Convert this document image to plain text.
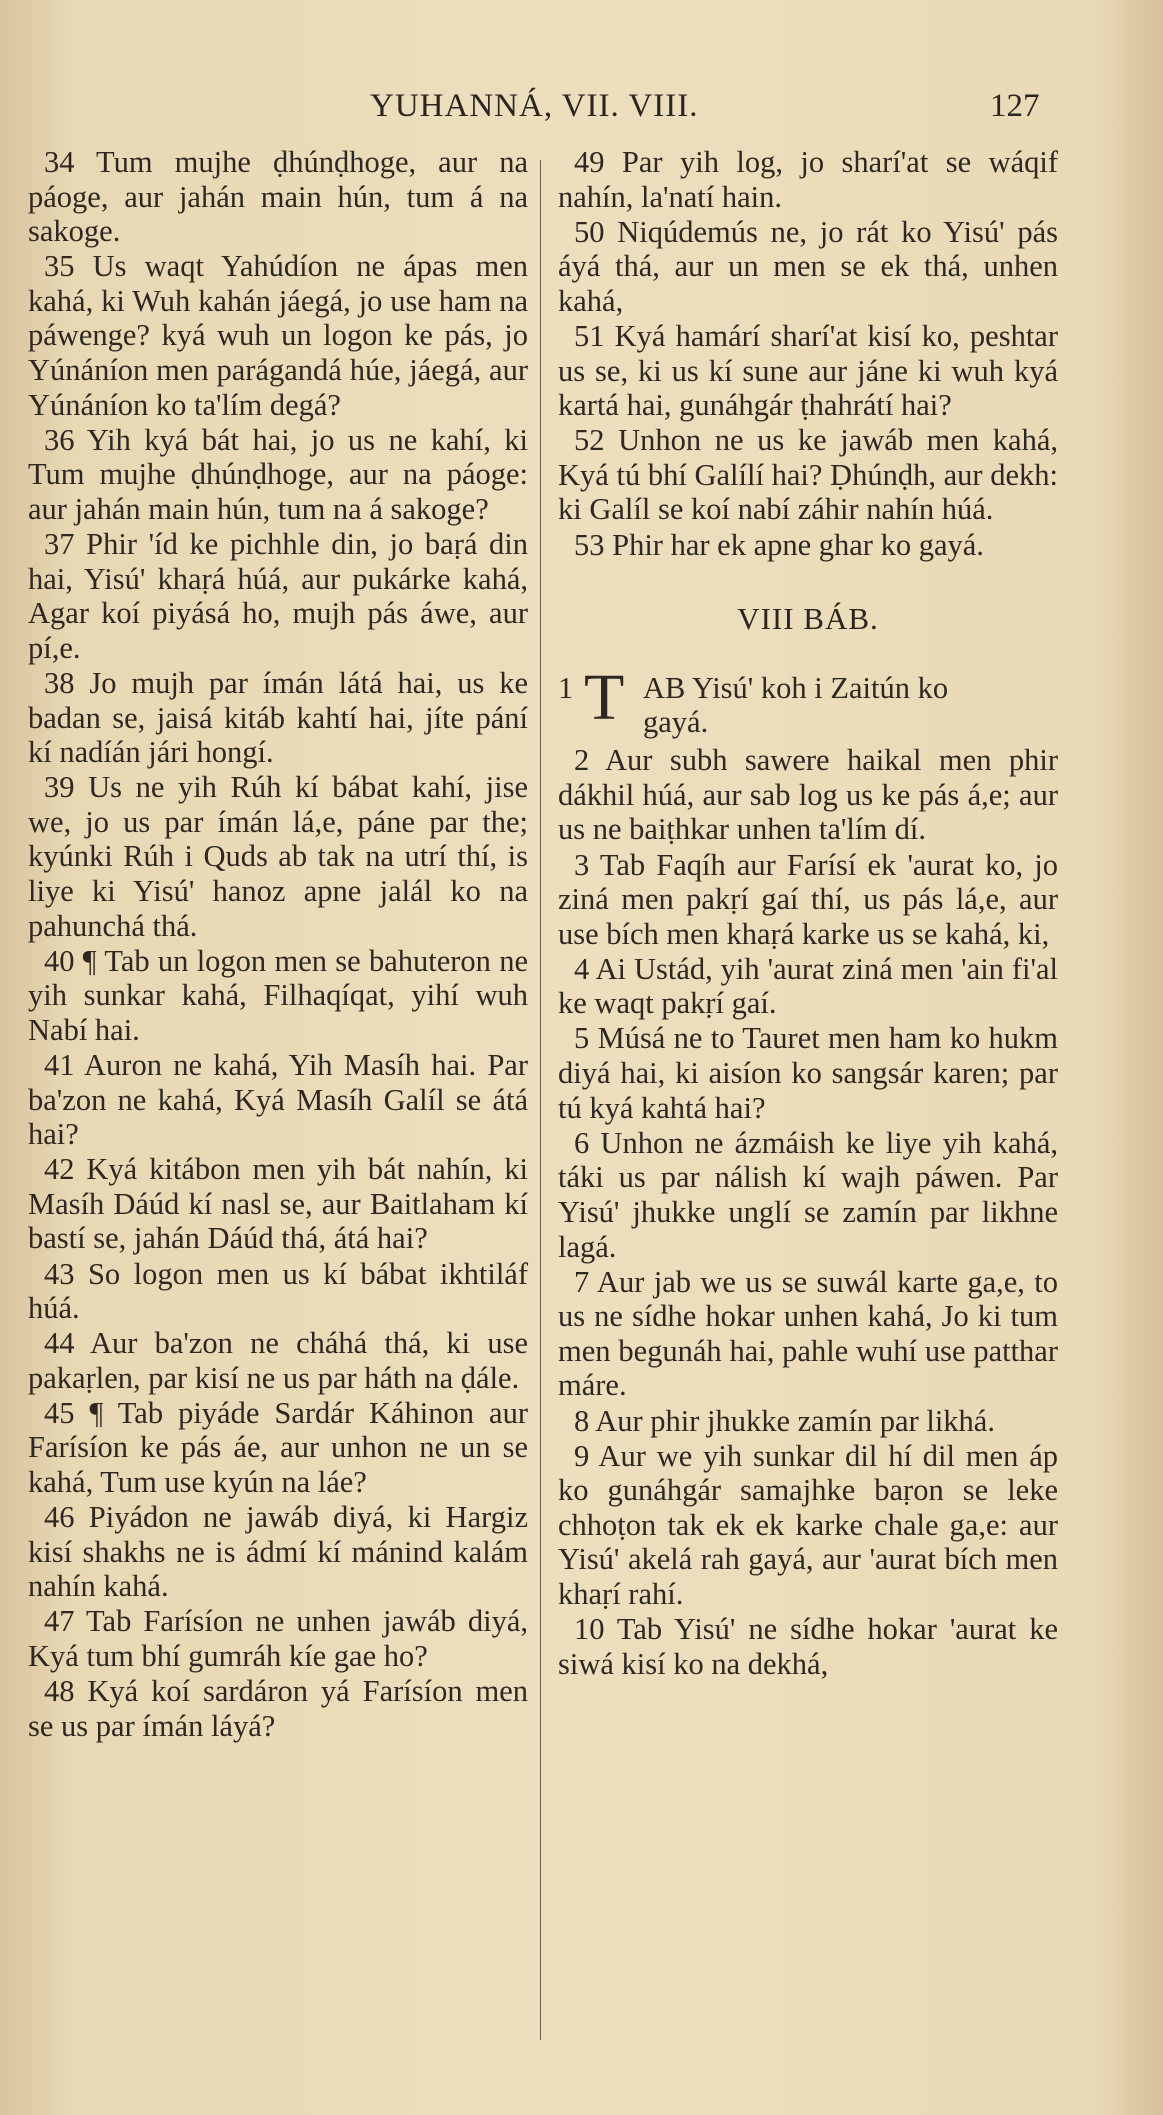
YUHANNÁ, VII. VIII.	127

34 Tum mujhe ḍhúnḍhoge, aur na páoge, aur jahán main hún, tum á na sakoge.

35 Us waqt Yahúdíon ne ápas men kahá, ki Wuh kahán jáegá, jo use ham na páwenge? kyá wuh un logon ke pás, jo Yúnáníon men parágandá húe, jáegá, aur Yúnáníon ko ta'lím degá?

36 Yih kyá bát hai, jo us ne kahí, ki Tum mujhe ḍhúnḍhoge, aur na páoge: aur jahán main hún, tum na á sakoge?

37 Phir 'íd ke pichhle din, jo baṛá din hai, Yisú' khaṛá húá, aur pukárke kahá, Agar koí piyásá ho, mujh pás áwe, aur pí,e.

38 Jo mujh par ímán látá hai, us ke badan se, jaisá kitáb kahtí hai, jíte pání kí nadíán jári hongí.

39 Us ne yih Rúh kí bábat kahí, jise we, jo us par ímán lá,e, páne par the; kyúnki Rúh i Quds ab tak na utrí thí, is liye ki Yisú' hanoz apne jalál ko na pahunchá thá.

40 ¶ Tab un logon men se bahuteron ne yih sunkar kahá, Filhaqíqat, yihí wuh Nabí hai.

41 Auron ne kahá, Yih Masíh hai. Par ba'zon ne kahá, Kyá Masíh Galíl se átá hai?

42 Kyá kitábon men yih bát nahín, ki Masíh Dáúd kí nasl se, aur Baitlaham kí bastí se, jahán Dáúd thá, átá hai?

43 So logon men us kí bábat ikhtiláf húá.

44 Aur ba'zon ne cháhá thá, ki use pakaṛlen, par kisí ne us par háth na ḍále.

45 ¶ Tab piyáde Sardár Káhinon aur Farísíon ke pás áe, aur unhon ne un se kahá, Tum use kyún na láe?

46 Piyádon ne jawáb diyá, ki Hargiz kisí shakhs ne is ádmí kí mánind kalám nahín kahá.

47 Tab Farísíon ne unhen jawáb diyá, Kyá tum bhí gumráh kíe gae ho?

48 Kyá koí sardáron yá Farísíon men se us par ímán láyá?

49 Par yih log, jo sharí'at se wáqif nahín, la'natí hain.

50 Niqúdemús ne, jo rát ko Yisú' pás áyá thá, aur un men se ek thá, unhen kahá,

51 Kyá hamárí sharí'at kisí ko, peshtar us se, ki us kí sune aur jáne ki wuh kyá kartá hai, gunáhgár ṭhahrátí hai?

52 Unhon ne us ke jawáb men kahá, Kyá tú bhí Galílí hai? Ḍhúnḍh, aur dekh: ki Galíl se koí nabí záhir nahín húá.

53 Phir har ek apne ghar ko gayá.

VIII BÁB.

1 T AB Yisú' koh i Zaitún ko
gayá.

2 Aur subh sawere haikal men phir dákhil húá, aur sab log us ke pás á,e; aur us ne baiṭhkar unhen ta'lím dí.

3 Tab Faqíh aur Farísí ek 'aurat ko, jo ziná men pakṛí gaí thí, us pás lá,e, aur use bích men khaṛá karke us se kahá, ki,

4 Ai Ustád, yih 'aurat ziná men 'ain fi'al ke waqt pakṛí gaí.

5 Músá ne to Tauret men ham ko hukm diyá hai, ki aisíon ko sangsár karen; par tú kyá kahtá hai?

6 Unhon ne ázmáish ke liye yih kahá, táki us par nálish kí wajh páwen. Par Yisú' jhukke unglí se zamín par likhne lagá.

7 Aur jab we us se suwál karte ga,e, to us ne sídhe hokar unhen kahá, Jo ki tum men begunáh hai, pahle wuhí use patthar máre.

8 Aur phir jhukke zamín par likhá.

9 Aur we yih sunkar dil hí dil men áp ko gunáhgár samajhke baṛon se leke chhoṭon tak ek ek karke chale ga,e: aur Yisú' akelá rah gayá, aur 'aurat bích men khaṛí rahí.

10 Tab Yisú' ne sídhe hokar 'aurat ke siwá kisí ko na dekhá,
